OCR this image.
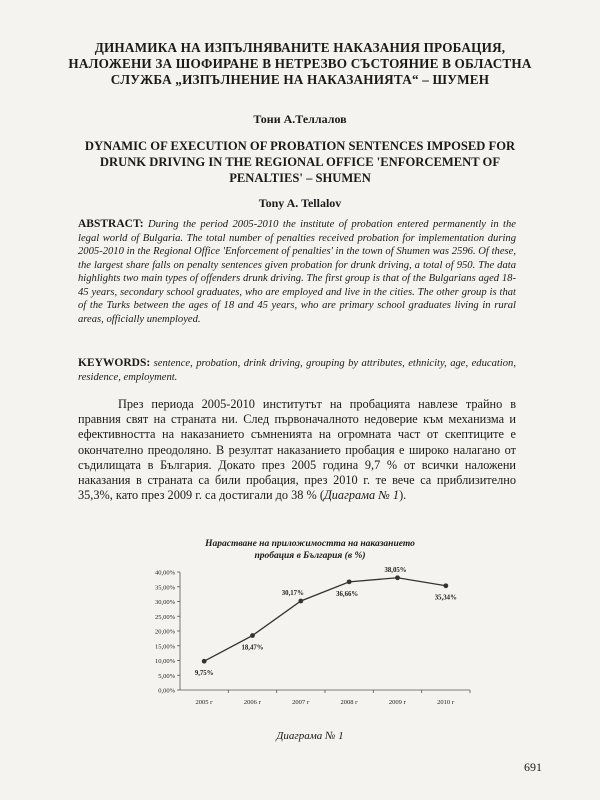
ДИНАМИКА НА ИЗПЪЛНЯВАНИТЕ НАКАЗАНИЯ ПРОБАЦИЯ,
НАЛОЖЕНИ ЗА ШОФИРАНЕ В НЕТРЕЗВО СЪСТОЯНИЕ В ОБЛАСТНА
СЛУЖБА „ИЗПЪЛНЕНИЕ НА НАКАЗАНИЯТА“ – ШУМЕН
Тони А.Теллалов
DYNAMIC OF EXECUTION OF PROBATION SENTENCES IMPOSED FOR
DRUNK DRIVING IN THE REGIONAL OFFICE 'ENFORCEMENT OF
PENALTIES' – SHUMEN
Tony A. Tellalov
ABSTRACT: During the period 2005-2010 the institute of probation entered permanently in the legal world of Bulgaria. The total number of penalties received probation for implementation during 2005-2010 in the Regional Office 'Enforcement of penalties' in the town of Shumen was 2596. Of these, the largest share falls on penalty sentences given probation for drunk driving, a total of 950. The data highlights two main types of offenders drunk driving. The first group is that of the Bulgarians aged 18-45 years, secondary school graduates, who are employed and live in the cities. The other group is that of the Turks between the ages of 18 and 45 years, who are primary school graduates living in rural areas, officially unemployed.
KEYWORDS: sentence, probation, drink driving, grouping by attributes, ethnicity, age, education, residence, employment.
През периода 2005-2010 институтът на пробацията навлезе трайно в правния свят на страната ни. След първоначалното недоверие към механизма и ефективността на наказанието съмненията на огромната част от скептиците е окончателно преодоляно. В резултат наказанието пробация е широко налагано от съдилищата в България. Докато през 2005 година 9,7 % от всички наложени наказания в страната са били пробация, през 2010 г. те вече са приблизително 35,3%, като през 2009 г. са достигали до 38 % (Диаграма № 1).
Нарастване на приложимостта на наказанието
пробация в България (в %)
0,00%
5,00%
10,00%
15,00%
20,00%
25,00%
30,00%
35,00%
40,00%
2005 г	2006 г	2007 г	2008 г	2009 г	2010 г
9,75%
18,47%
30,17%	36,66%
38,05%
35,34%
Диаграма № 1
691
